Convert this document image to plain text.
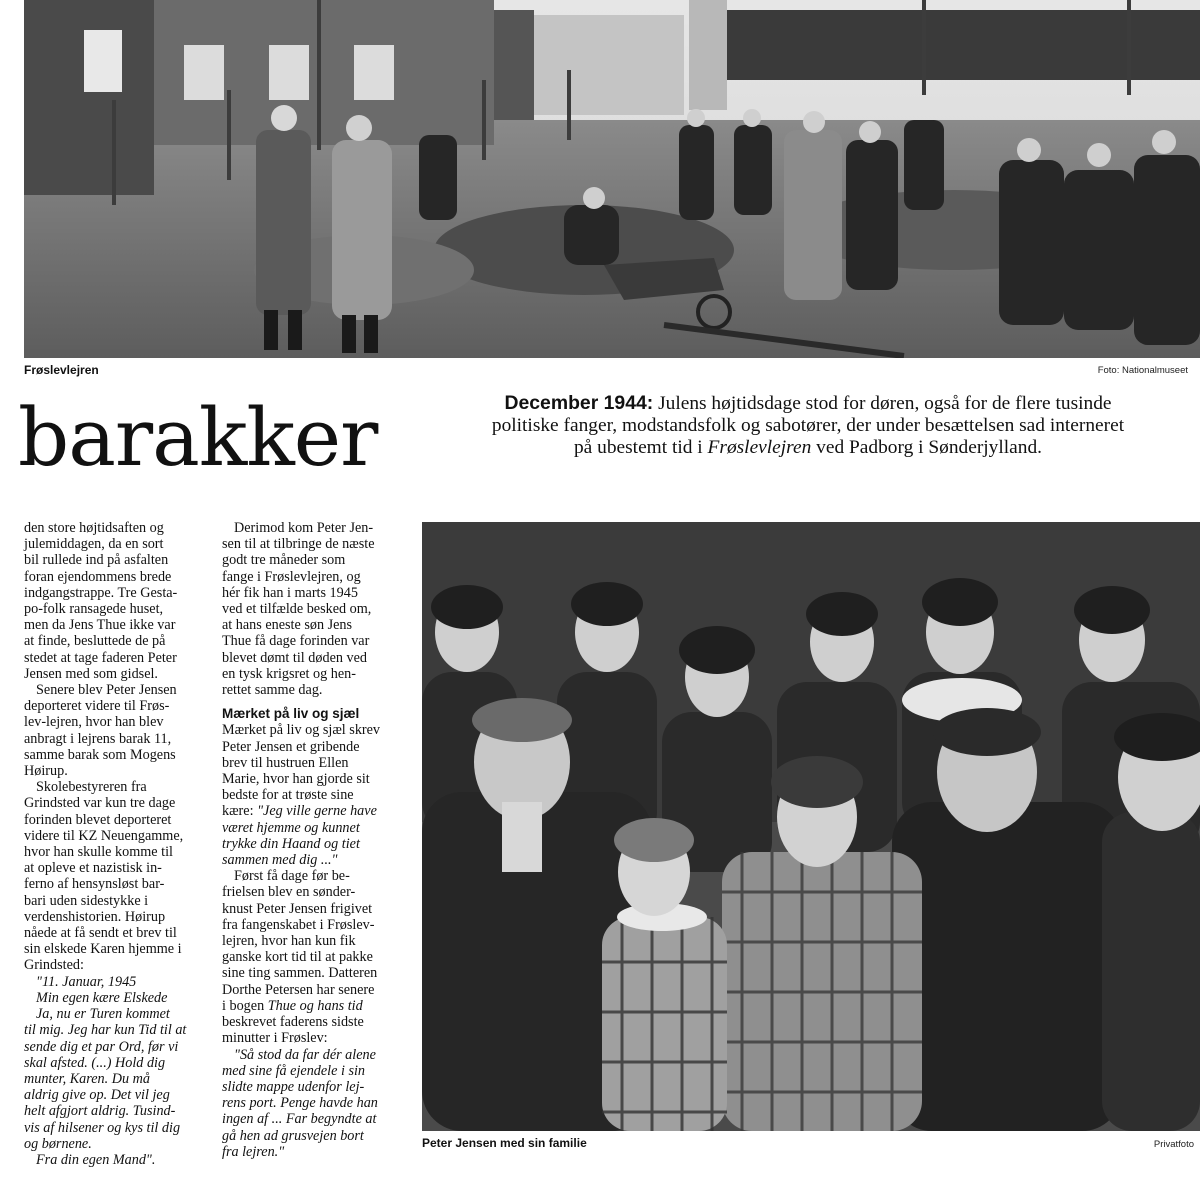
Frøslevlejren	Foto: Nationalmuseet
barakker	December 1944: Julens højtidsdage stod for døren, også for de flere tusinde
politiske fanger, modstandsfolk og sabotører, der under besættelsen sad interneret
på ubestemt tid i Frøslevlejren ved Padborg i Sønderjylland.
den store højtidsaften og
julemiddagen, da en sort
bil rullede ind på asfalten
foran ejendommens brede
indgangstrappe. Tre Gesta-
po-folk ransagede huset,
men da Jens Thue ikke var
at finde, besluttede de på
stedet at tage faderen Peter
Jensen med som gidsel.
Senere blev Peter Jensen
deporteret videre til Frøs-
lev-lejren, hvor han blev
anbragt i lejrens barak 11,
samme barak som Mogens
Høirup.
Skolebestyreren fra
Grindsted var kun tre dage
forinden blevet deporteret
videre til KZ Neuengamme,
hvor han skulle komme til
at opleve et nazistisk in-
ferno af hensynsløst bar-
bari uden sidestykke i
verdenshistorien. Høirup
nåede at få sendt et brev til
sin elskede Karen hjemme i
Grindsted:
"11. Januar, 1945
Min egen kære Elskede
Ja, nu er Turen kommet
til mig. Jeg har kun Tid til at
sende dig et par Ord, før vi
skal afsted. (...) Hold dig
munter, Karen. Du må
aldrig give op. Det vil jeg
helt afgjort aldrig. Tusind-
vis af hilsener og kys til dig
og børnene.
Fra din egen Mand".
Derimod kom Peter Jen-
sen til at tilbringe de næste
godt tre måneder som
fange i Frøslevlejren, og
hér fik han i marts 1945
ved et tilfælde besked om,
at hans eneste søn Jens
Thue få dage forinden var
blevet dømt til døden ved
en tysk krigsret og hen-
rettet samme dag.

Mærket på liv og sjæl

Mærket på liv og sjæl skrev
Peter Jensen et gribende
brev til hustruen Ellen
Marie, hvor han gjorde sit
bedste for at trøste sine
kære: "Jeg ville gerne have
været hjemme og kunnet
trykke din Haand og tiet
sammen med dig ..."
Først få dage før be-
frielsen blev en sønder-
knust Peter Jensen frigivet
fra fangenskabet i Frøslev-
lejren, hvor han kun fik
ganske kort tid til at pakke
sine ting sammen. Datteren
Dorthe Petersen har senere
i bogen Thue og hans tid
beskrevet faderens sidste
minutter i Frøslev:
"Så stod da far dér alene
med sine få ejendele i sin
slidte mappe udenfor lej-
rens port. Penge havde han
ingen af ... Far begyndte at
gå hen ad grusvejen bort
fra lejren."
Peter Jensen med sin familie	Privatfoto
